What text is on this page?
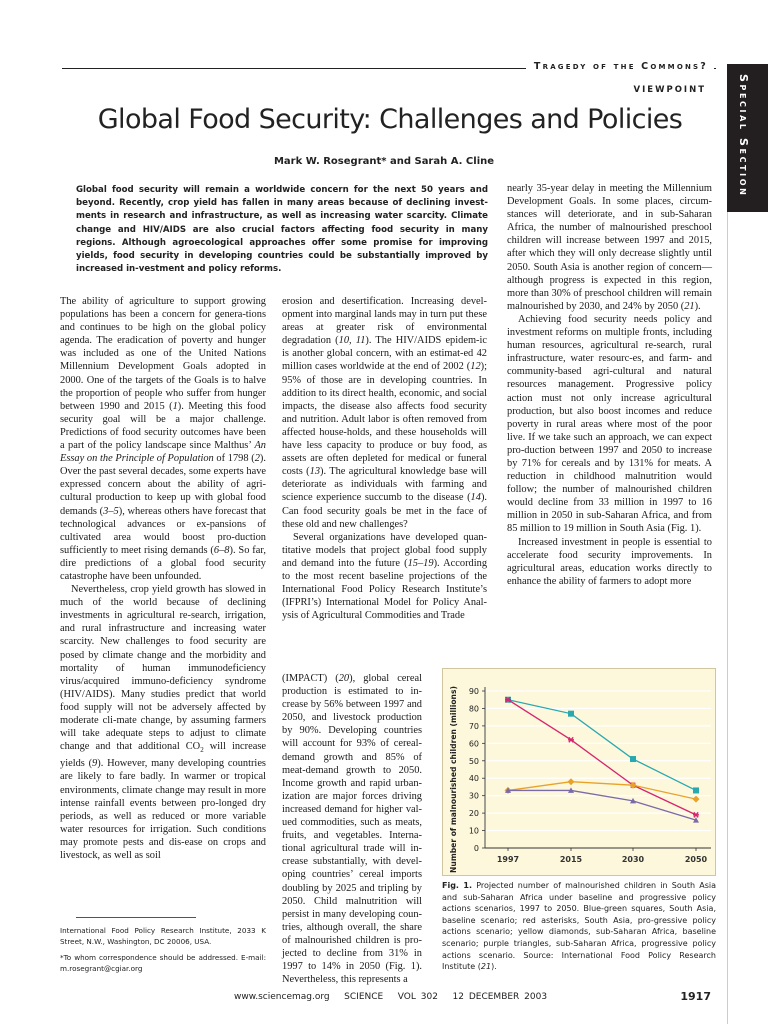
Tragedy of the Commons?
VIEWPOINT	Special Section
Global Food Security: Challenges and Policies
Mark W. Rosegrant* and Sarah A. Cline
Global food security will remain a worldwide concern for the next 50 years and beyond. Recently, crop yield has fallen in many areas because of declining invest-ments in research and infrastructure, as well as increasing water scarcity. Climate change and HIV/AIDS are also crucial factors affecting food security in many regions. Although agroecological approaches offer some promise for improving yields, food security in developing countries could be substantially improved by increased in-vestment and policy reforms.

The ability of agriculture to support growing populations has been a concern for genera-tions and continues to be high on the global policy agenda. The eradication of poverty and hunger was included as one of the United Nations Millennium Development Goals adopted in 2000. One of the targets of the Goals is to halve the proportion of people who suffer from hunger between 1990 and 2015 (1). Meeting this food security goal will be a major challenge. Predictions of food security outcomes have been a part of the policy landscape since Malthus’ An Essay on the Principle of Population of 1798 (2). Over the past several decades, some experts have expressed concern about the ability of agri-cultural production to keep up with global food demands (3–5), whereas others have forecast that technological advances or ex-pansions of cultivated area would boost pro-duction sufficiently to meet rising demands (6–8). So far, dire predictions of a global food security catastrophe have been unfounded.

Nevertheless, crop yield growth has slowed in much of the world because of declining investments in agricultural re-search, irrigation, and rural infrastructure and increasing water scarcity. New challenges to food security are posed by climate change and the morbidity and mortality of human immunodeficiency virus/acquired immuno-deficiency syndrome (HIV/AIDS). Many studies predict that world food supply will not be adversely affected by moderate cli-mate change, by assuming farmers will take adequate steps to adjust to climate change and that additional $CO_2$ will increase yields (9). However, many developing countries are likely to fare badly. In warmer or tropical environments, climate change may result in more intense rainfall events between pro-longed dry periods, as well as reduced or more variable water resources for irrigation. Such conditions may promote pests and dis-ease on crops and livestock, as well as soil

International Food Policy Research Institute, 2033 K Street, N.W., Washington, DC 20006, USA.

*To whom correspondence should be addressed. E-mail: m.rosegrant@cgiar.org

erosion and desertification. Increasing devel-opment into marginal lands may in turn put these areas at greater risk of environmental degradation (10, 11). The HIV/AIDS epidem-ic is another global concern, with an estimat-ed 42 million cases worldwide at the end of 2002 (12); 95% of those are in developing countries. In addition to its direct health, economic, and social impacts, the disease also affects food security and nutrition. Adult labor is often removed from affected house-holds, and these households will have less capacity to produce or buy food, as assets are often depleted for medical or funeral costs (13). The agricultural knowledge base will deteriorate as individuals with farming and science experience succumb to the disease (14). Can food security goals be met in the face of these old and new challenges?

Several organizations have developed quan-titative models that project global food supply and demand into the future (15–19). According to the most recent baseline projections of the International Food Policy Research Institute’s (IFPRI’s) International Model for Policy Anal-ysis of Agricultural Commodities and Trade

(IMPACT) (20), global cereal production is estimated to in-crease by 56% between 1997 and 2050, and livestock production by 90%. Developing countries will account for 93% of cereal-demand growth and 85% of meat-demand growth to 2050. Income growth and rapid urban-ization are major forces driving increased demand for higher val-ued commodities, such as meats, fruits, and vegetables. Interna-tional agricultural trade will in-crease substantially, with devel-oping countries’ cereal imports doubling by 2025 and tripling by 2050. Child malnutrition will persist in many developing coun-tries, although overall, the share of malnourished children is pro-jected to decline from 31% in 1997 to 14% in 2050 (Fig. 1). Nevertheless, this represents a

nearly 35-year delay in meeting the Millennium Development Goals. In some places, circum-stances will deteriorate, and in sub-Saharan Africa, the number of malnourished preschool children will increase between 1997 and 2015, after which they will only decrease slightly until 2050. South Asia is another region of concern—although progress is expected in this region, more than 30% of preschool children will remain malnourished by 2030, and 24% by 2050 (21).

Achieving food security needs policy and investment reforms on multiple fronts, including human resources, agricultural re-search, rural infrastructure, water resourc-es, and farm- and community-based agri-cultural and natural resources management. Progressive policy action must not only increase agricultural production, but also boost incomes and reduce poverty in rural areas where most of the poor live. If we take such an approach, we can expect pro-duction between 1997 and 2050 to increase by 71% for cereals and by 131% for meats. A reduction in childhood malnutrition would follow; the number of malnourished children would decline from 33 million in 1997 to 16 million in 2050 in sub-Saharan Africa, and from 85 million to 19 million in South Asia (Fig. 1).

Increased investment in people is essential to accelerate food security improvements. In agricultural areas, education works directly to enhance the ability of farmers to adopt more

0
10
20
30
40
50
60
70
80
90
1997	2015	2030	2050
Number of malnourished children (millions)
Fig. 1. Projected number of malnourished children in South Asia and sub-Saharan Africa under baseline and progressive policy actions scenarios, 1997 to 2050. Blue-green squares, South Asia, baseline scenario; red asterisks, South Asia, pro-gressive policy actions scenario; yellow diamonds, sub-Saharan Africa, baseline scenario; purple triangles, sub-Saharan Africa, progressive policy actions scenario. Source: International Food Policy Research Institute (21).
www.sciencemag.org   SCIENCE   VOL 302   12 DECEMBER 2003	1917
